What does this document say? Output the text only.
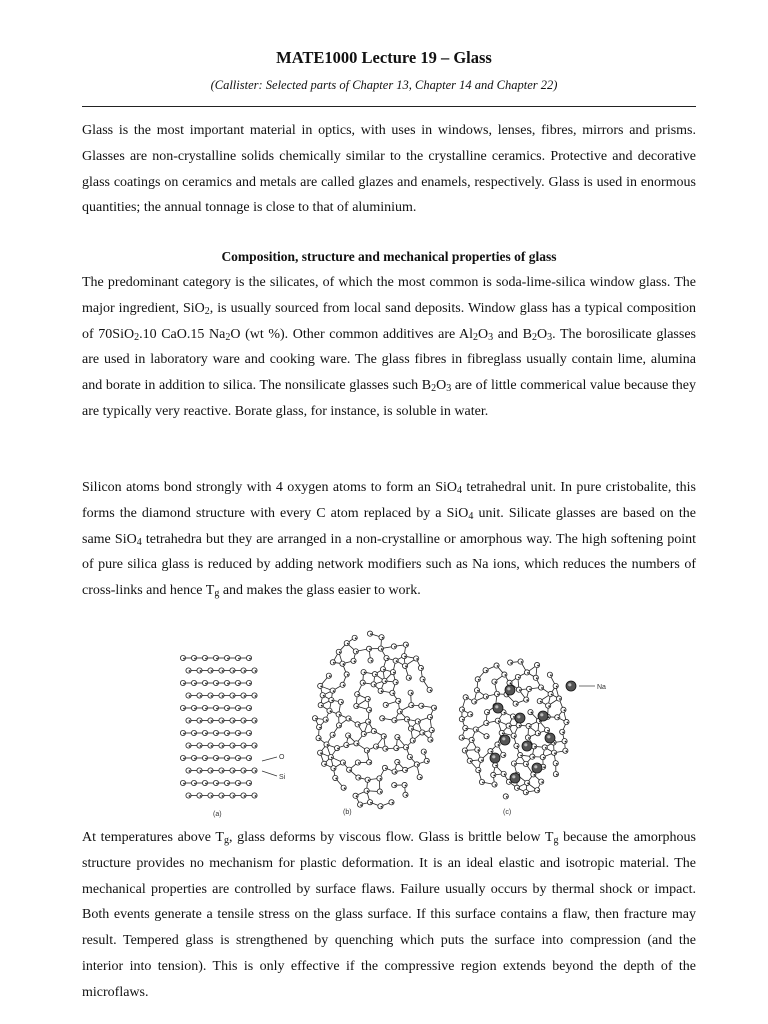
MATE1000 Lecture 19 – Glass
(Callister: Selected parts of Chapter 13, Chapter 14 and Chapter 22)

Glass is the most important material in optics, with uses in windows, lenses, fibres, mirrors and prisms. Glasses are non-crystalline solids chemically similar to the crystalline ceramics. Protective and decorative glass coatings on ceramics and metals are called glazes and enamels, respectively. Glass is used in enormous quantities; the annual tonnage is close to that of aluminium.

Composition, structure and mechanical properties of glass

The predominant category is the silicates, of which the most common is soda-lime-silica window glass. The major ingredient, SiO$_2$, is usually sourced from local sand deposits. Window glass has a typical composition of 70SiO$_2$.10 CaO.15 $Na_2O$ (wt %). Other common additives are $Al_2O_3$ and $B_2O_3$. The borosilicate glasses are used in laboratory ware and cooking ware. The glass fibres in fibreglass usually contain lime, alumina and borate in addition to silica. The nonsilicate glasses such $B_2O_3$ are of little commerical value because they are typically very reactive. Borate glass, for instance, is soluble in water.

Silicon atoms bond strongly with 4 oxygen atoms to form an SiO$_4$ tetrahedral unit. In pure cristobalite, this forms the diamond structure with every C atom replaced by a SiO$_4$ unit. Silicate glasses are based on the same SiO$_4$ tetrahedra but they are arranged in a non-crystalline or amorphous way. The high softening point of pure silica glass is reduced by adding network modifiers such as Na ions, which reduces the numbers of cross-links and hence $T_g$ and makes the glass easier to work.

O
Si
Na
(a)	(b)	(c)

At temperatures above $T_g$, glass deforms by viscous flow. Glass is brittle below $T_g$ because the amorphous structure provides no mechanism for plastic deformation. It is an ideal elastic and isotropic material. The mechanical properties are controlled by surface flaws. Failure usually occurs by thermal shock or impact. Both events generate a tensile stress on the glass surface. If this surface contains a flaw, then fracture may result. Tempered glass is strengthened by quenching which puts the surface into compression (and the interior into tension). This is only effective if the compressive region extends beyond the depth of the microflaws.
